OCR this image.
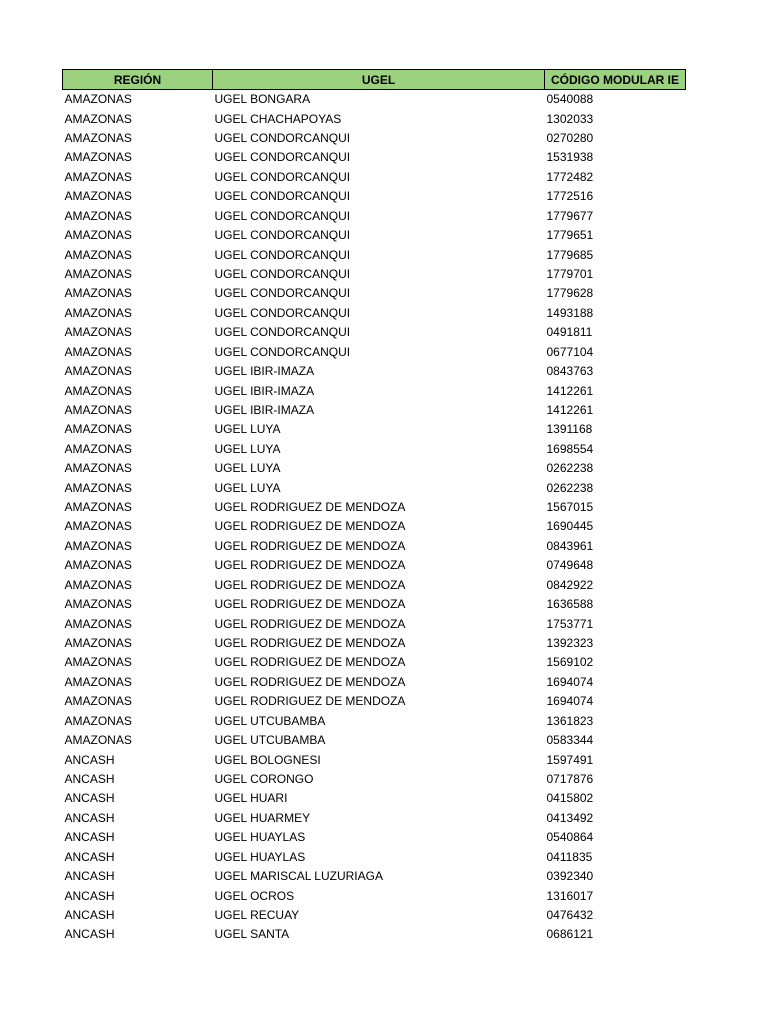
REGIÓN	UGEL	CÓDIGO MODULAR IE
AMAZONAS	UGEL BONGARA	0540088
AMAZONAS	UGEL CHACHAPOYAS	1302033
AMAZONAS	UGEL CONDORCANQUI	0270280
AMAZONAS	UGEL CONDORCANQUI	1531938
AMAZONAS	UGEL CONDORCANQUI	1772482
AMAZONAS	UGEL CONDORCANQUI	1772516
AMAZONAS	UGEL CONDORCANQUI	1779677
AMAZONAS	UGEL CONDORCANQUI	1779651
AMAZONAS	UGEL CONDORCANQUI	1779685
AMAZONAS	UGEL CONDORCANQUI	1779701
AMAZONAS	UGEL CONDORCANQUI	1779628
AMAZONAS	UGEL CONDORCANQUI	1493188
AMAZONAS	UGEL CONDORCANQUI	0491811
AMAZONAS	UGEL CONDORCANQUI	0677104
AMAZONAS	UGEL IBIR-IMAZA	0843763
AMAZONAS	UGEL IBIR-IMAZA	1412261
AMAZONAS	UGEL IBIR-IMAZA	1412261
AMAZONAS	UGEL LUYA	1391168
AMAZONAS	UGEL LUYA	1698554
AMAZONAS	UGEL LUYA	0262238
AMAZONAS	UGEL LUYA	0262238
AMAZONAS	UGEL RODRIGUEZ DE MENDOZA	1567015
AMAZONAS	UGEL RODRIGUEZ DE MENDOZA	1690445
AMAZONAS	UGEL RODRIGUEZ DE MENDOZA	0843961
AMAZONAS	UGEL RODRIGUEZ DE MENDOZA	0749648
AMAZONAS	UGEL RODRIGUEZ DE MENDOZA	0842922
AMAZONAS	UGEL RODRIGUEZ DE MENDOZA	1636588
AMAZONAS	UGEL RODRIGUEZ DE MENDOZA	1753771
AMAZONAS	UGEL RODRIGUEZ DE MENDOZA	1392323
AMAZONAS	UGEL RODRIGUEZ DE MENDOZA	1569102
AMAZONAS	UGEL RODRIGUEZ DE MENDOZA	1694074
AMAZONAS	UGEL RODRIGUEZ DE MENDOZA	1694074
AMAZONAS	UGEL UTCUBAMBA	1361823
AMAZONAS	UGEL UTCUBAMBA	0583344
ANCASH	UGEL BOLOGNESI	1597491
ANCASH	UGEL CORONGO	0717876
ANCASH	UGEL HUARI	0415802
ANCASH	UGEL HUARMEY	0413492
ANCASH	UGEL HUAYLAS	0540864
ANCASH	UGEL HUAYLAS	0411835
ANCASH	UGEL MARISCAL LUZURIAGA	0392340
ANCASH	UGEL OCROS	1316017
ANCASH	UGEL RECUAY	0476432
ANCASH	UGEL SANTA	0686121
